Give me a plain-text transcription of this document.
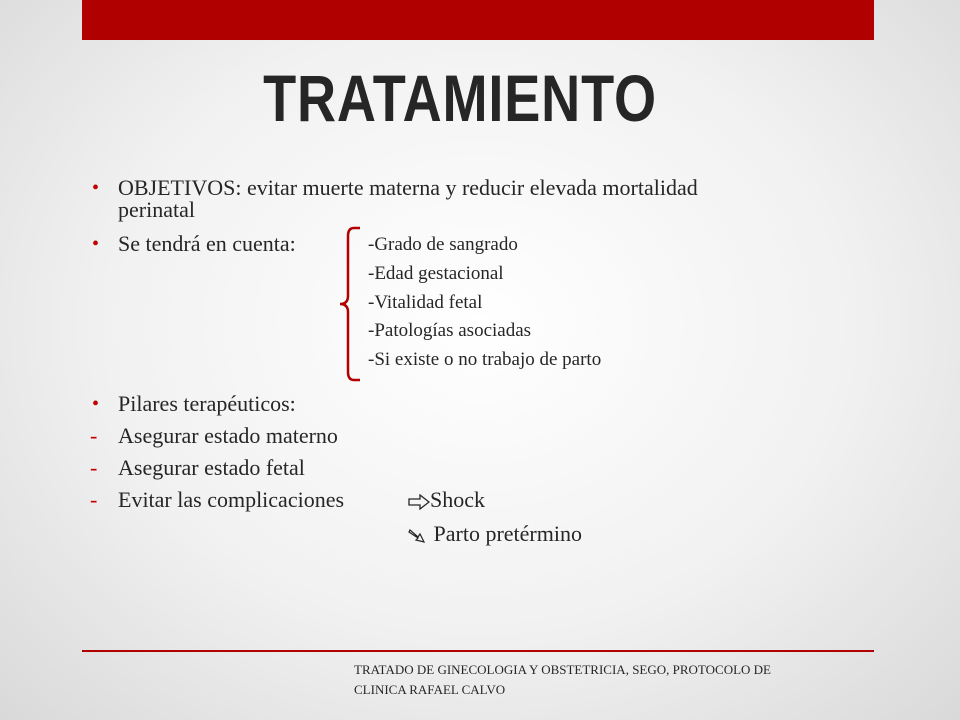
TRATAMIENTO
• OBJETIVOS: evitar muerte materna y reducir elevada mortalidad
perinatal
• Se tendrá en cuenta:	-Grado de sangrado
-Edad gestacional
-Vitalidad fetal
-Patologías asociadas
-Si existe o no trabajo de parto
• Pilares terapéuticos:
- Asegurar estado materno
- Asegurar estado fetal
- Evitar las complicaciones	Shock
Parto pretérmino
TRATADO DE GINECOLOGIA Y OBSTETRICIA, SEGO, PROTOCOLO DE
CLINICA RAFAEL CALVO
